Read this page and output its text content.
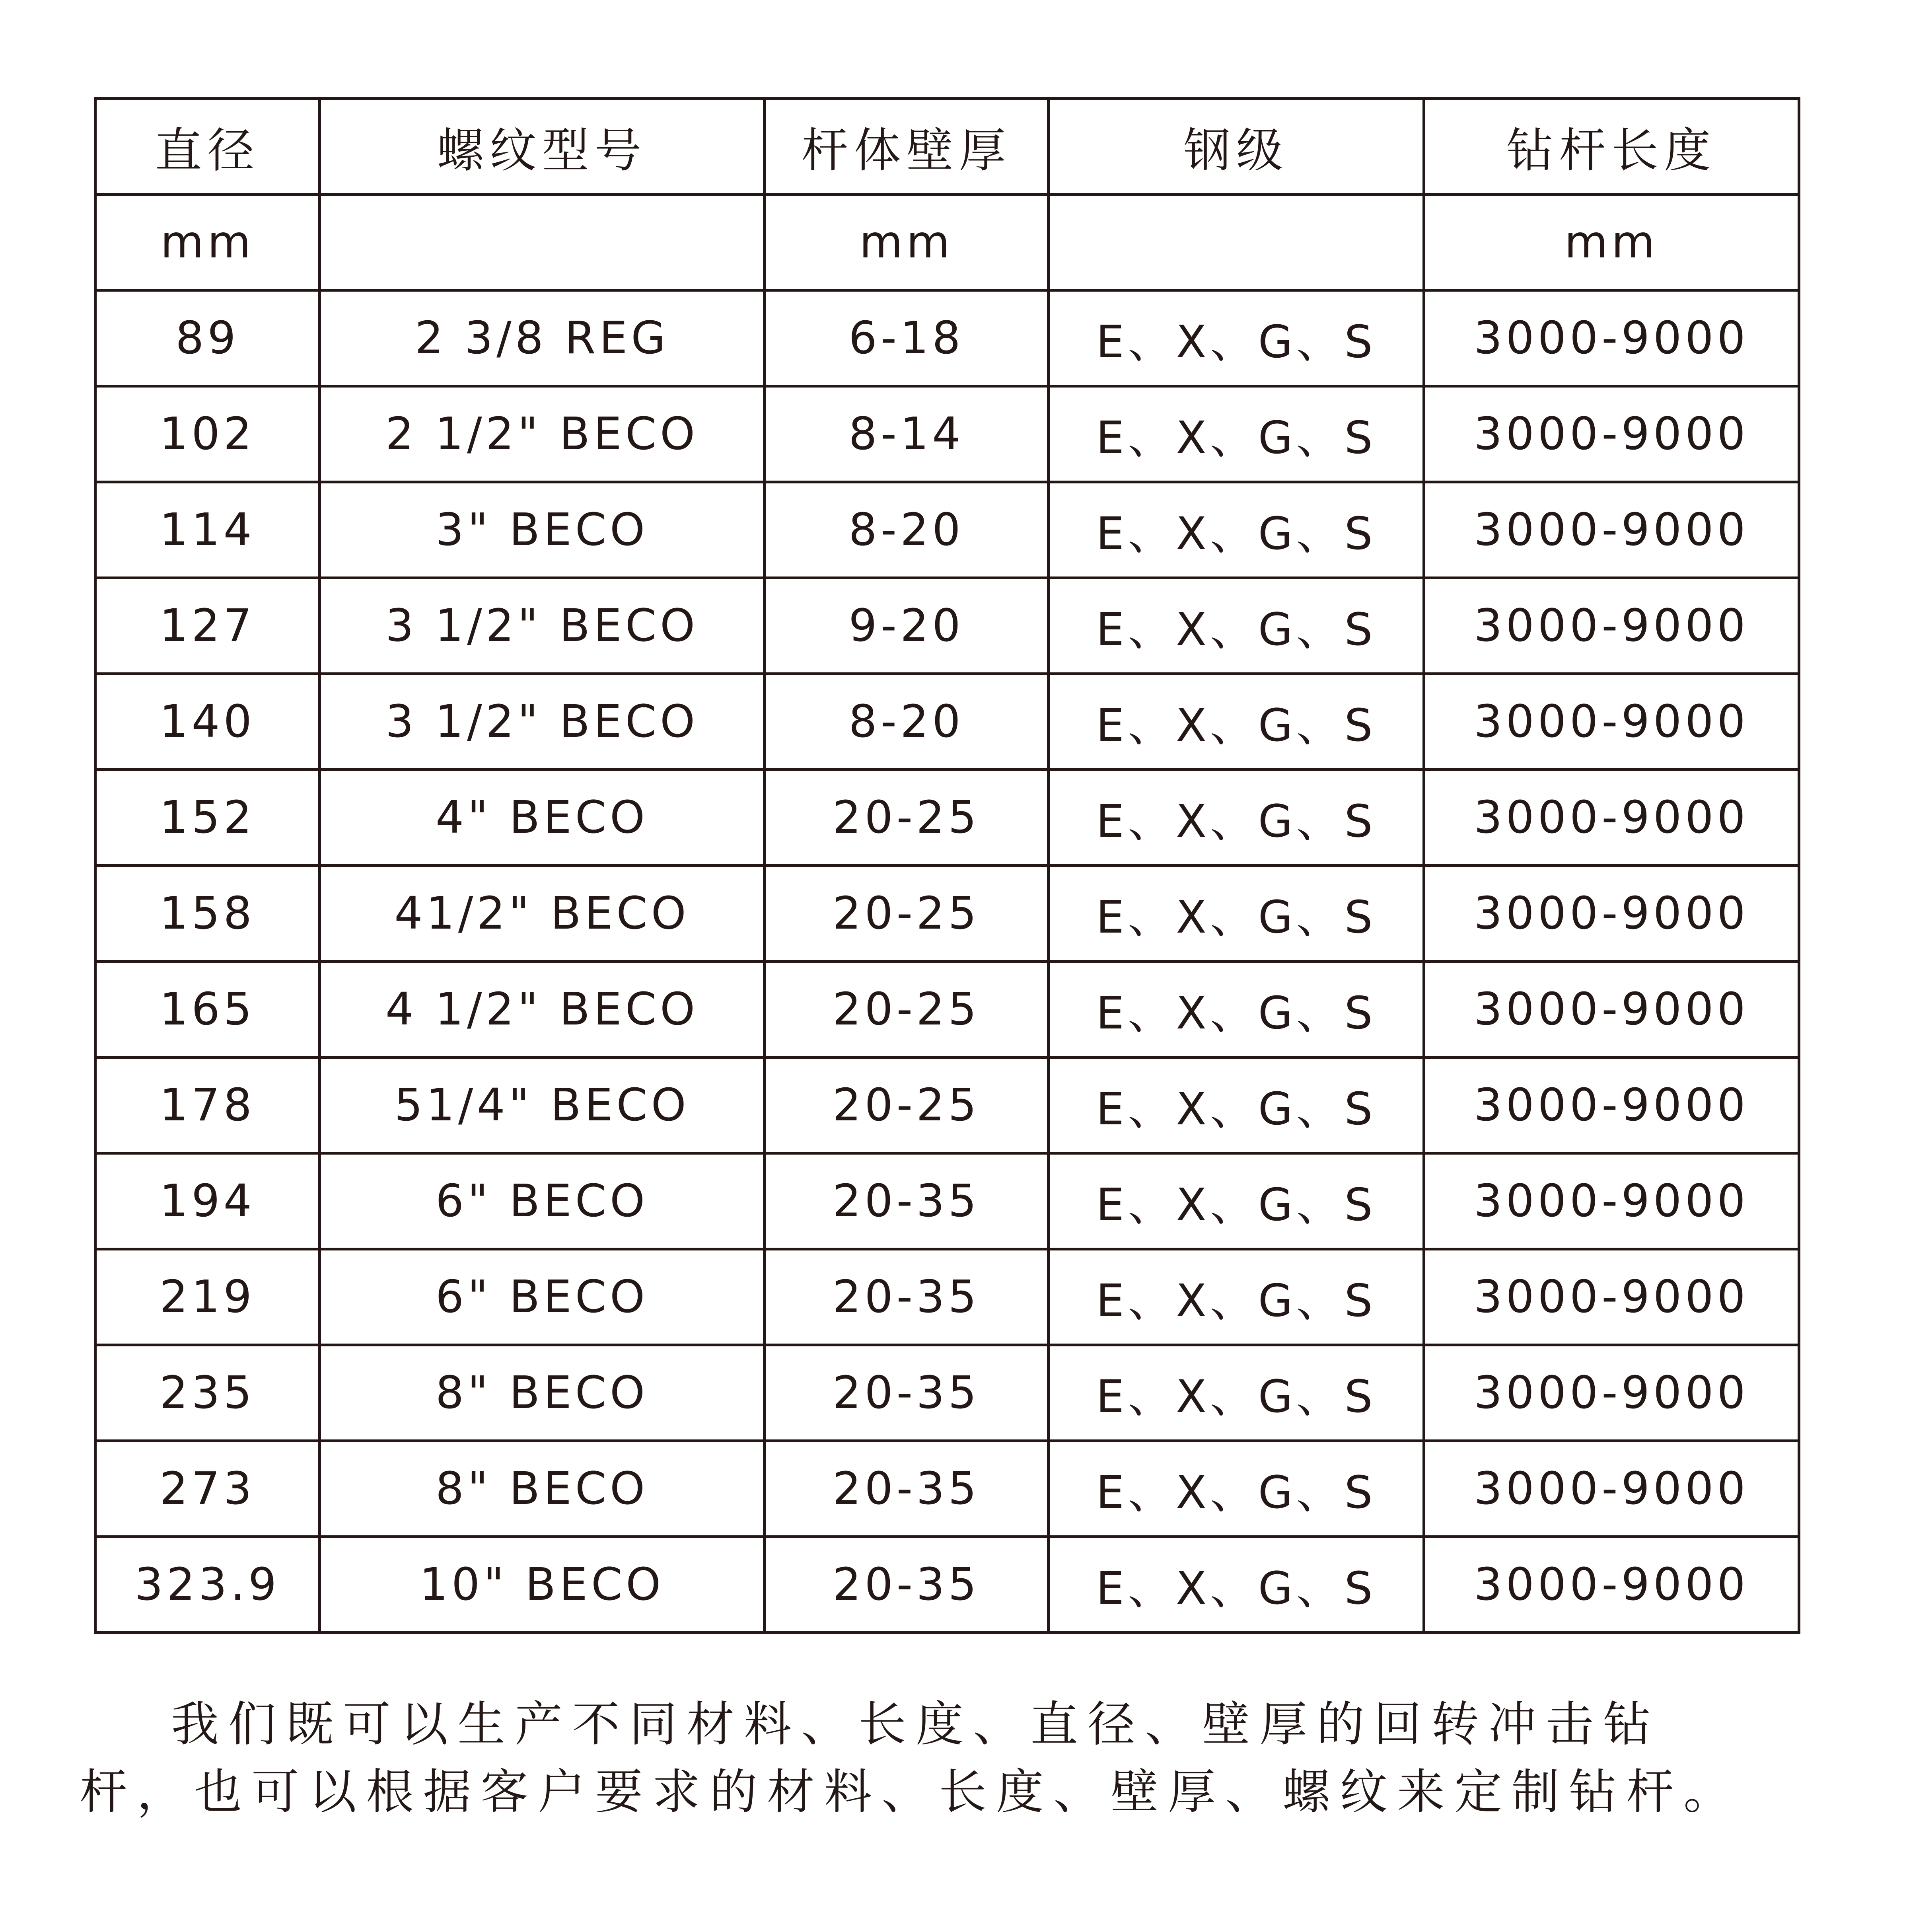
直径	螺纹型号	杆体壁厚	钢级	钻杆长度
mm		mm		mm
89	2 3/8 REG	6-18	E、X、G、S	3000-9000
102	2 1/2" BECO	8-14	E、X、G、S	3000-9000
114	3" BECO	8-20	E、X、G、S	3000-9000
127	3 1/2" BECO	9-20	E、X、G、S	3000-9000
140	3 1/2" BECO	8-20	E、X、G、S	3000-9000
152	4" BECO	20-25	E、X、G、S	3000-9000
158	41/2" BECO	20-25	E、X、G、S	3000-9000
165	4 1/2" BECO	20-25	E、X、G、S	3000-9000
178	51/4" BECO	20-25	E、X、G、S	3000-9000
194	6" BECO	20-35	E、X、G、S	3000-9000
219	6" BECO	20-35	E、X、G、S	3000-9000
235	8" BECO	20-35	E、X、G、S	3000-9000
273	8" BECO	20-35	E、X、G、S	3000-9000
323.9	10" BECO	20-35	E、X、G、S	3000-9000
我们既可以生产不同材料、长度、直径、壁厚的回转冲击钻
杆，也可以根据客户要求的材料、长度、壁厚、螺纹来定制钻杆。
